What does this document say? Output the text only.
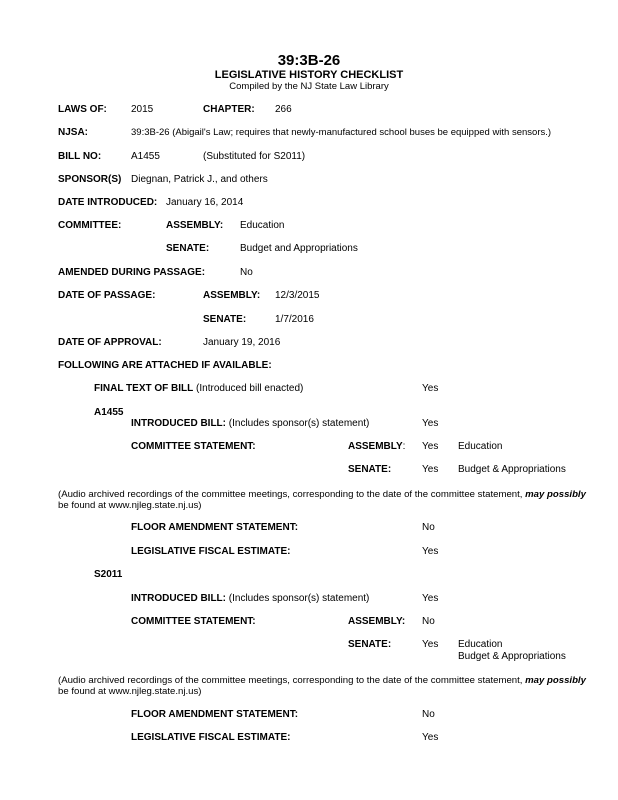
39:3B-26
LEGISLATIVE HISTORY CHECKLIST
Compiled by the NJ State Law Library
LAWS OF: 2015	CHAPTER: 266
NJSA:	39:3B-26 (Abigail's Law; requires that newly-manufactured school buses be equipped with sensors.)
BILL NO:	A1455	(Substituted for S2011)
SPONSOR(S) Diegnan, Patrick J., and others
DATE INTRODUCED: January 16, 2014
COMMITTEE:	ASSEMBLY: Education
SENATE:	Budget and Appropriations
AMENDED DURING PASSAGE:	No
DATE OF PASSAGE:	ASSEMBLY: 12/3/2015
SENATE:	1/7/2016
DATE OF APPROVAL:	January 19, 2016
FOLLOWING ARE ATTACHED IF AVAILABLE:
FINAL TEXT OF BILL (Introduced bill enacted)	Yes
A1455
INTRODUCED BILL: (Includes sponsor(s) statement)	Yes
COMMITTEE STATEMENT:	ASSEMBLY: Yes Education
SENATE:	Yes Budget & Appropriations
(Audio archived recordings of the committee meetings, corresponding to the date of the committee statement, may possibly
be found at www.njleg.state.nj.us)
FLOOR AMENDMENT STATEMENT:	No
LEGISLATIVE FISCAL ESTIMATE:	Yes
S2011
INTRODUCED BILL: (Includes sponsor(s) statement)	Yes
COMMITTEE STATEMENT:	ASSEMBLY: No
SENATE:	Yes Education
Budget & Appropriations
(Audio archived recordings of the committee meetings, corresponding to the date of the committee statement, may possibly
be found at www.njleg.state.nj.us)
FLOOR AMENDMENT STATEMENT:	No
LEGISLATIVE FISCAL ESTIMATE:	Yes
